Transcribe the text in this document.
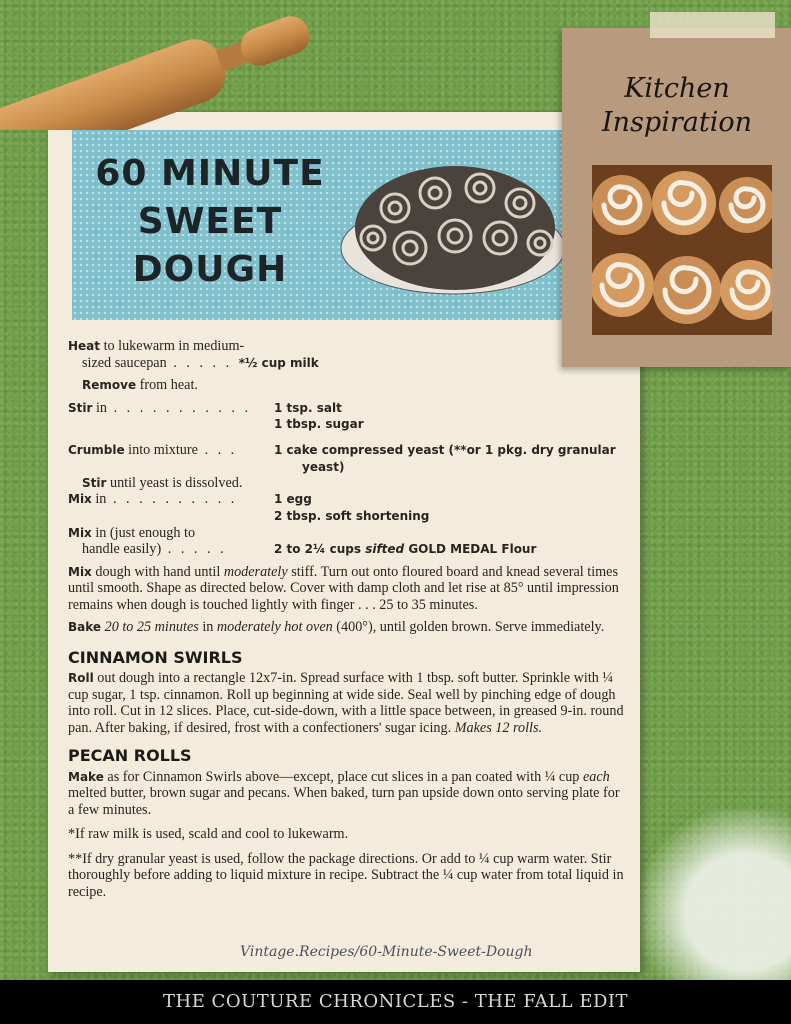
60 MINUTE
SWEET
DOUGH
Heat to lukewarm in medium-
sized saucepan . . . . . *½ cup milk
Remove from heat.
Stir in . . . . . . . . . . . 1 tsp. salt
1 tbsp. sugar
Crumble into mixture . . .	1 cake compressed yeast (**or 1 pkg. dry granular
yeast)
Stir until yeast is dissolved.
Mix in . . . . . . . . . .	1 egg
2 tbsp. soft shortening
Mix in (just enough to
handle easily) . . . . .	2 to 2¼ cups sifted GOLD MEDAL Flour

Mix dough with hand until moderately stiff. Turn out onto floured board and knead several times until smooth. Shape as directed below. Cover with damp cloth and let rise at 85° until impression remains when dough is touched lightly with finger . . . 25 to 35 minutes.

Bake 20 to 25 minutes in moderately hot oven (400°), until golden brown. Serve immediately.

CINNAMON SWIRLS

Roll out dough into a rectangle 12x7-in. Spread surface with 1 tbsp. soft butter. Sprinkle with ¼ cup sugar, 1 tsp. cinnamon. Roll up beginning at wide side. Seal well by pinching edge of dough into roll. Cut in 12 slices. Place, cut-side-down, with a little space between, in greased 9-in. round pan. After baking, if desired, frost with a confectioners' sugar icing. Makes 12 rolls.

PECAN ROLLS

Make as for Cinnamon Swirls above—except, place cut slices in a pan coated with ¼ cup each melted butter, brown sugar and pecans. When baked, turn pan upside down onto serving plate for a few minutes.

*If raw milk is used, scald and cool to lukewarm.

**If dry granular yeast is used, follow the package directions. Or add to ¼ cup warm water. Stir thoroughly before adding to liquid mixture in recipe. Subtract the ¼ cup water from total liquid in recipe.

Vintage.Recipes/60-Minute-Sweet-Dough
Kitchen
Inspiration
THE COUTURE CHRONICLES - THE FALL EDIT
